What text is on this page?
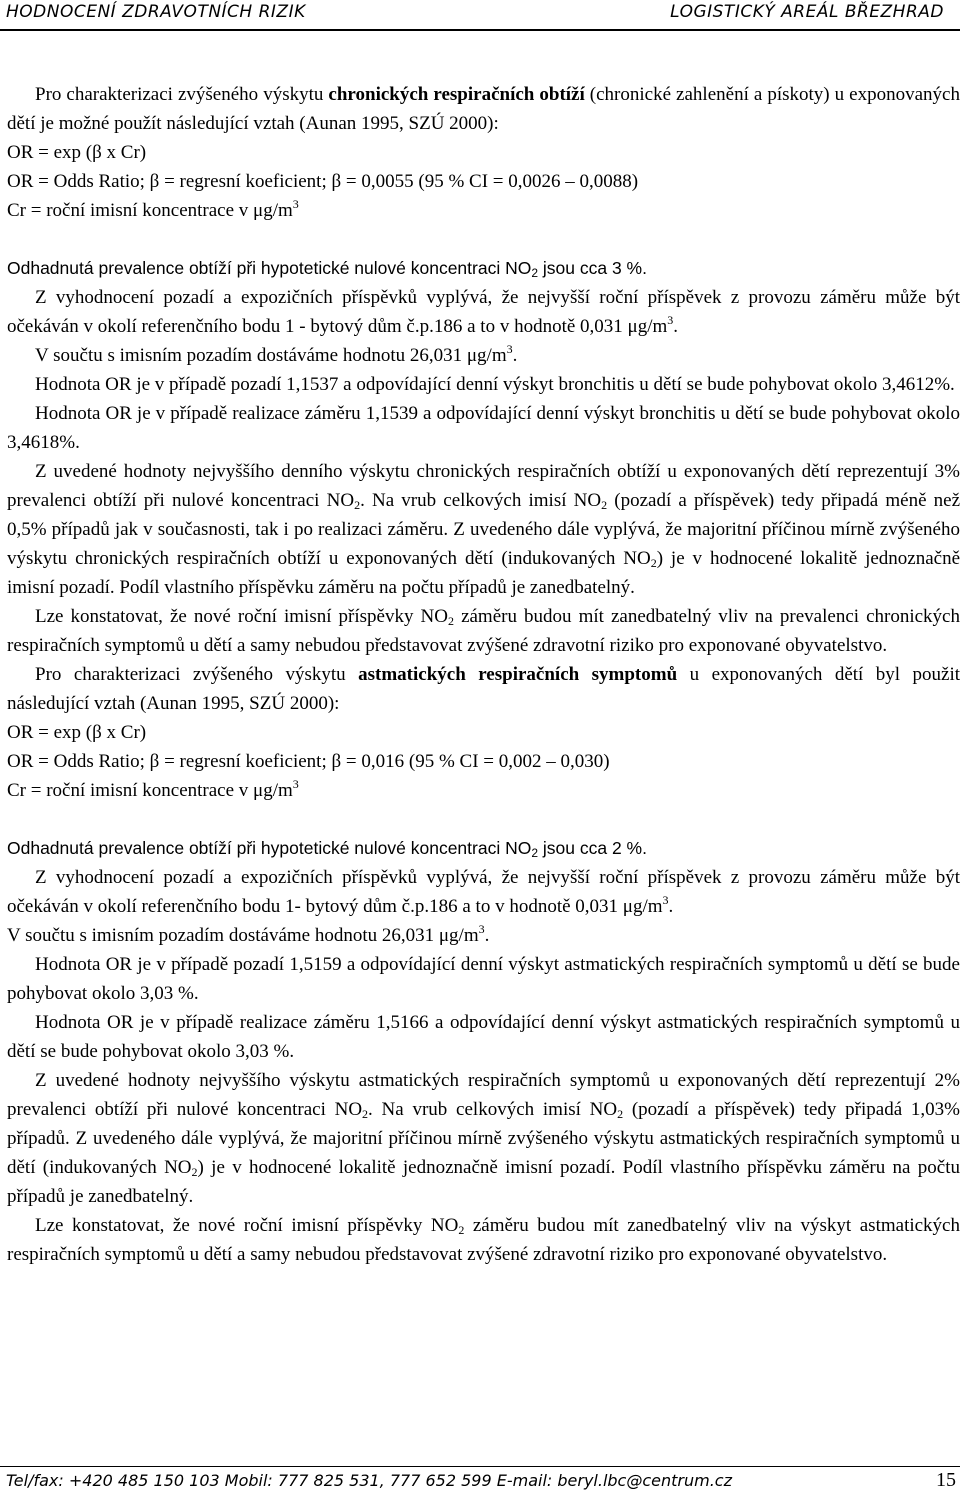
HODNOCENÍ ZDRAVOTNÍCH RIZIK	LOGISTICKÝ AREÁL BŘEZHRAD

Pro charakterizaci zvýšeného výskytu chronických respiračních obtíží (chronické zahlenění a pískoty) u exponovaných dětí je možné použít následující vztah (Aunan 1995, SZÚ 2000):

OR = exp (β x Cr)

OR = Odds Ratio; β = regresní koeficient; β = 0,0055 (95 % CI = 0,0026 – 0,0088)

Cr = roční imisní koncentrace v $\mu g/m^3$

Odhadnutá prevalence obtíží při hypotetické nulové koncentraci $NO_2$ jsou cca 3 %.

Z vyhodnocení pozadí a expozičních příspěvků vyplývá, že nejvyšší roční příspěvek z provozu záměru může být očekáván v okolí referenčního bodu 1 - bytový dům č.p.186 a to v hodnotě 0,031 $\mu g/m^3$.

V součtu s imisním pozadím dostáváme hodnotu 26,031 $\mu g/m^3$.

Hodnota OR je v případě pozadí 1,1537 a odpovídající denní výskyt bronchitis u dětí se bude pohybovat okolo 3,4612%.

Hodnota OR je v případě realizace záměru 1,1539 a odpovídající denní výskyt bronchitis u dětí se bude pohybovat okolo 3,4618%.

Z uvedené hodnoty nejvyššího denního výskytu chronických respiračních obtíží u exponovaných dětí reprezentují 3% prevalenci obtíží při nulové koncentraci $NO_2$. Na vrub celkových imisí $NO_2$ (pozadí a příspěvek) tedy připadá méně než 0,5% případů jak v současnosti, tak i po realizaci záměru. Z uvedeného dále vyplývá, že majoritní příčinou mírně zvýšeného výskytu chronických respiračních obtíží u exponovaných dětí (indukovaných $NO_2$) je v hodnocené lokalitě jednoznačně imisní pozadí. Podíl vlastního příspěvku záměru na počtu případů je zanedbatelný.

Lze konstatovat, že nové roční imisní příspěvky $NO_2$ záměru budou mít zanedbatelný vliv na prevalenci chronických respiračních symptomů u dětí a samy nebudou představovat zvýšené zdravotní riziko pro exponované obyvatelstvo.

Pro charakterizaci zvýšeného výskytu astmatických respiračních symptomů u exponovaných dětí byl použit následující vztah (Aunan 1995, SZÚ 2000):

OR = exp (β x Cr)

OR = Odds Ratio; β = regresní koeficient; β = 0,016 (95 % CI = 0,002 – 0,030)

Cr = roční imisní koncentrace v $\mu g/m^3$

Odhadnutá prevalence obtíží při hypotetické nulové koncentraci $NO_2$ jsou cca 2 %.

Z vyhodnocení pozadí a expozičních příspěvků vyplývá, že nejvyšší roční příspěvek z provozu záměru může být očekáván v okolí referenčního bodu 1- bytový dům č.p.186 a to v hodnotě 0,031 $\mu g/m^3$.

V součtu s imisním pozadím dostáváme hodnotu 26,031 $\mu g/m^3$.

Hodnota OR je v případě pozadí 1,5159 a odpovídající denní výskyt astmatických respiračních symptomů u dětí se bude pohybovat okolo 3,03 %.

Hodnota OR je v případě realizace záměru 1,5166 a odpovídající denní výskyt astmatických respiračních symptomů u dětí se bude pohybovat okolo 3,03 %.

Z uvedené hodnoty nejvyššího výskytu astmatických respiračních symptomů u exponovaných dětí reprezentují 2% prevalenci obtíží při nulové koncentraci $NO_2$. Na vrub celkových imisí $NO_2$ (pozadí a příspěvek) tedy připadá 1,03% případů. Z uvedeného dále vyplývá, že majoritní příčinou mírně zvýšeného výskytu astmatických respiračních symptomů u dětí (indukovaných $NO_2$) je v hodnocené lokalitě jednoznačně imisní pozadí. Podíl vlastního příspěvku záměru na počtu případů je zanedbatelný.

Lze konstatovat, že nové roční imisní příspěvky $NO_2$ záměru budou mít zanedbatelný vliv na výskyt astmatických respiračních symptomů u dětí a samy nebudou představovat zvýšené zdravotní riziko pro exponované obyvatelstvo.

Tel/fax: +420 485 150 103 Mobil: 777 825 531, 777 652 599 E-mail: beryl.lbc@centrum.cz	15
